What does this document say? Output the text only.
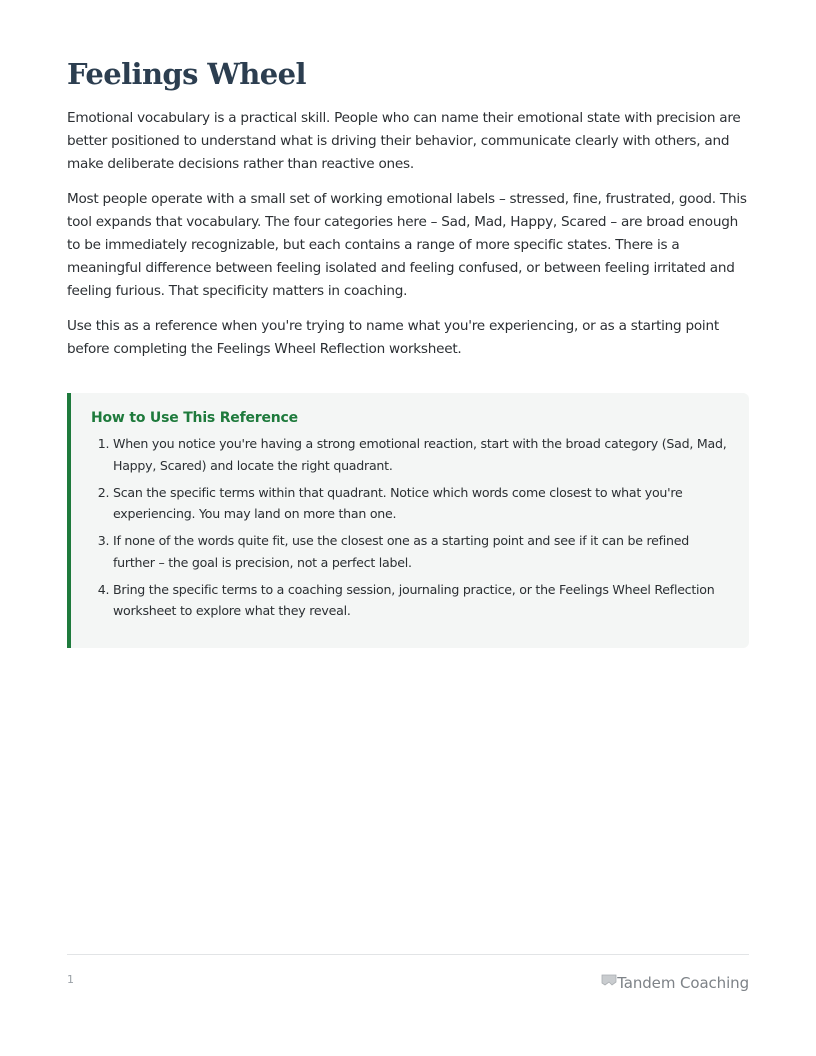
Feelings Wheel

Emotional vocabulary is a practical skill. People who can name their emotional state with precision are better positioned to understand what is driving their behavior, communicate clearly with others, and make deliberate decisions rather than reactive ones.

Most people operate with a small set of working emotional labels – stressed, fine, frustrated, good. This tool expands that vocabulary. The four categories here – Sad, Mad, Happy, Scared – are broad enough to be immediately recognizable, but each contains a range of more specific states. There is a meaningful difference between feeling isolated and feeling confused, or between feeling irritated and feeling furious. That specificity matters in coaching.

Use this as a reference when you're trying to name what you're experiencing, or as a starting point before completing the Feelings Wheel Reflection worksheet.

How to Use This Reference
1. When you notice you're having a strong emotional reaction, start with the broad category (Sad, Mad, Happy, Scared) and locate the right quadrant.
2. Scan the specific terms within that quadrant. Notice which words come closest to what you're experiencing. You may land on more than one.
3. If none of the words quite fit, use the closest one as a starting point and see if it can be refined further – the goal is precision, not a perfect label.
4. Bring the specific terms to a coaching session, journaling practice, or the Feelings Wheel Reflection worksheet to explore what they reveal.
1	Tandem Coaching
